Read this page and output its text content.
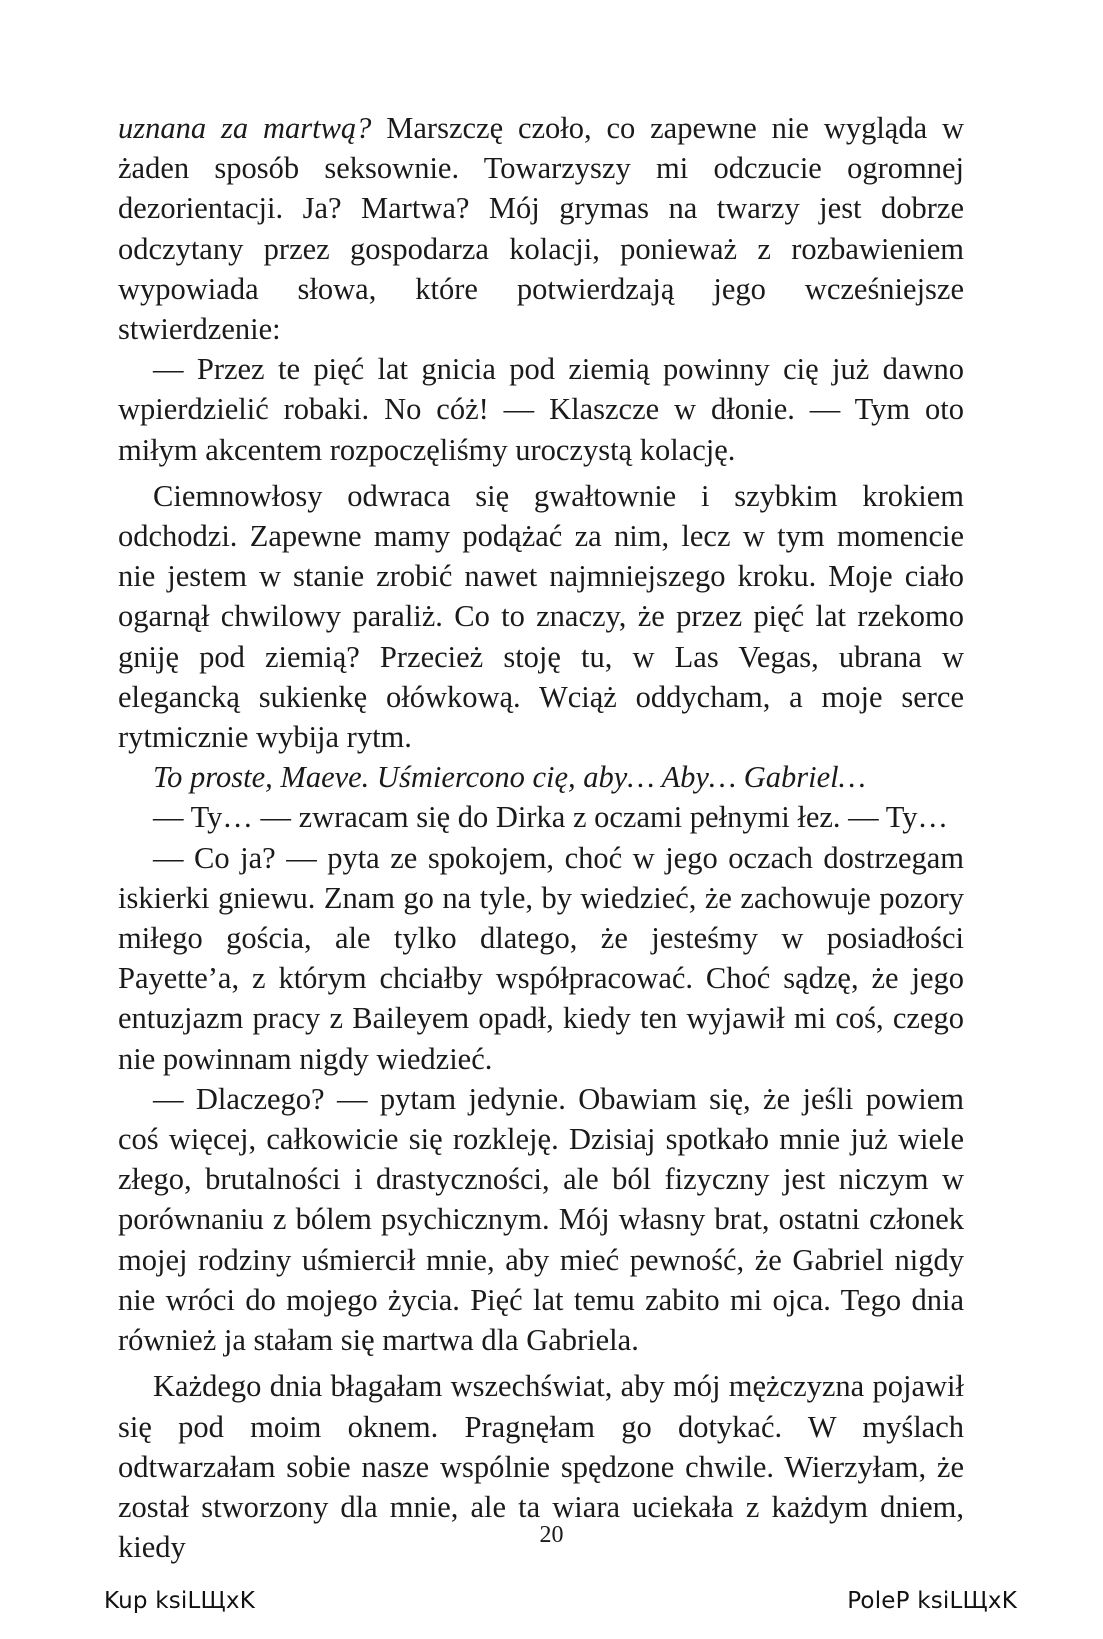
uznana za martwą? Marszczę czoło, co zapewne nie wygląda w żaden sposób seksownie. Towarzyszy mi odczucie ogromnej dezorientacji. Ja? Martwa? Mój grymas na twarzy jest dobrze odczytany przez gospodarza kolacji, ponieważ z rozbawieniem wypowiada słowa, które potwierdzają jego wcześniejsze stwierdzenie:

— Przez te pięć lat gnicia pod ziemią powinny cię już dawno wpierdzielić robaki. No cóż! — Klaszcze w dłonie. — Tym oto miłym akcentem rozpoczęliśmy uroczystą kolację.

Ciemnowłosy odwraca się gwałtownie i szybkim krokiem odchodzi. Zapewne mamy podążać za nim, lecz w tym momencie nie jestem w stanie zrobić nawet najmniejszego kroku. Moje ciało ogarnął chwilowy paraliż. Co to znaczy, że przez pięć lat rzekomo gniję pod ziemią? Przecież stoję tu, w Las Vegas, ubrana w elegancką sukienkę ołówkową. Wciąż oddycham, a moje serce rytmicznie wybija rytm.

To proste, Maeve. Uśmiercono cię, aby… Aby… Gabriel…

— Ty… — zwracam się do Dirka z oczami pełnymi łez. — Ty…

— Co ja? — pyta ze spokojem, choć w jego oczach dostrzegam iskierki gniewu. Znam go na tyle, by wiedzieć, że zachowuje pozory miłego gościa, ale tylko dlatego, że jesteśmy w posiadłości Payette’a, z którym chciałby współpracować. Choć sądzę, że jego entuzjazm pracy z Baileyem opadł, kiedy ten wyjawił mi coś, czego nie powinnam nigdy wiedzieć.

— Dlaczego? — pytam jedynie. Obawiam się, że jeśli powiem coś więcej, całkowicie się rozkleję. Dzisiaj spotkało mnie już wiele złego, brutalności i drastyczności, ale ból fizyczny jest niczym w porównaniu z bólem psychicznym. Mój własny brat, ostatni członek mojej rodziny uśmiercił mnie, aby mieć pewność, że Gabriel nigdy nie wróci do mojego życia. Pięć lat temu zabito mi ojca. Tego dnia również ja stałam się martwa dla Gabriela.

Każdego dnia błagałam wszechświat, aby mój mężczyzna pojawił się pod moim oknem. Pragnęłam go dotykać. W myślach odtwarzałam sobie nasze wspólnie spędzone chwile. Wierzyłam, że został stworzony dla mnie, ale ta wiara uciekała z każdym dniem, kiedy	20
Kup ksiLЩxK	PoleP ksiLЩxK
